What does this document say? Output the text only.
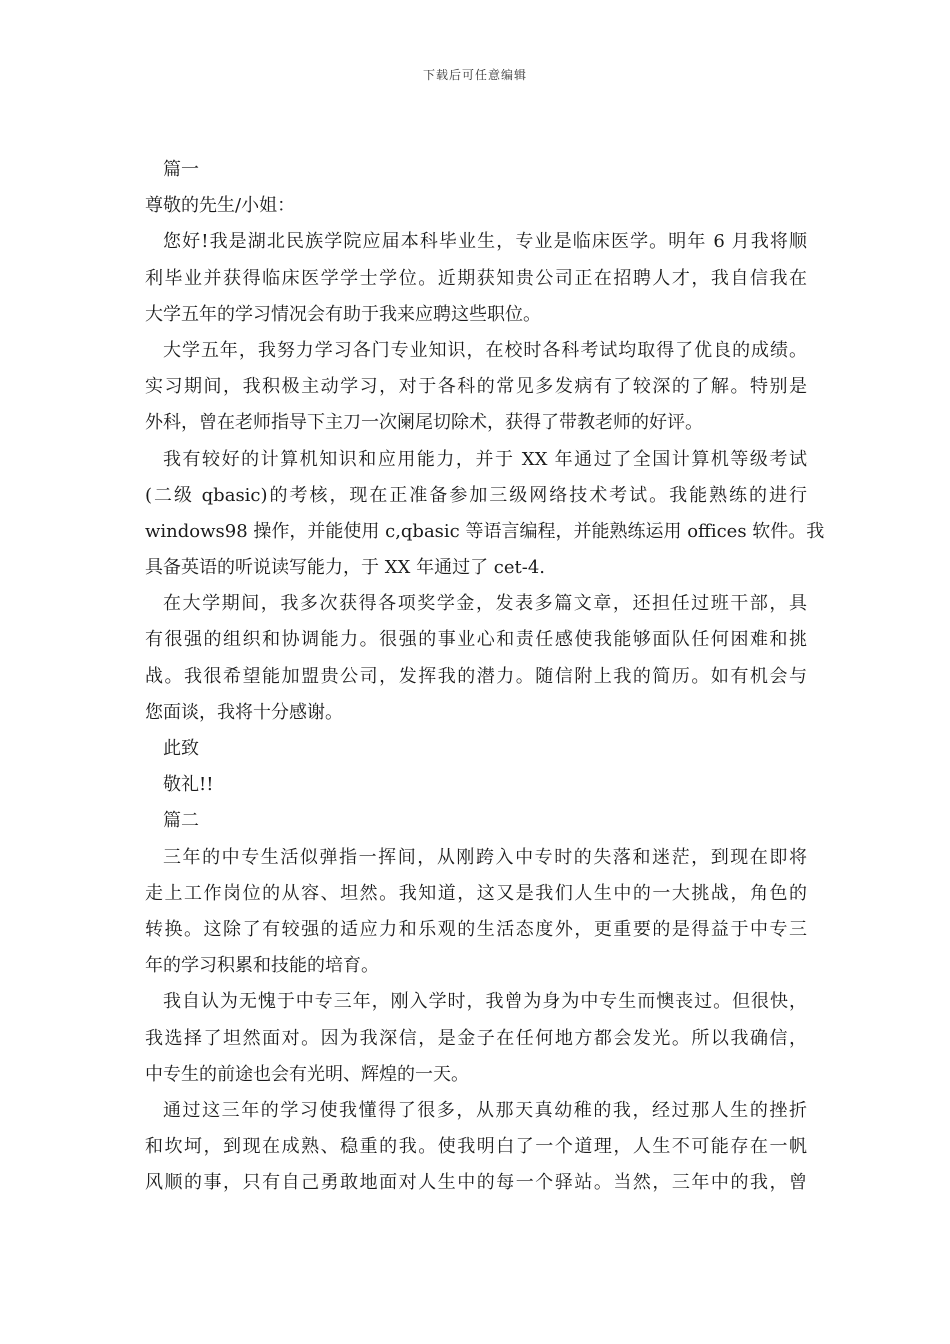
下载后可任意编辑
篇一
尊敬的先生/小姐：
您好!我是湖北民族学院应届本科毕业生，专业是临床医学。明年 6 月我将顺
利毕业并获得临床医学学士学位。近期获知贵公司正在招聘人才，我自信我在
大学五年的学习情况会有助于我来应聘这些职位。
大学五年，我努力学习各门专业知识，在校时各科考试均取得了优良的成绩。
实习期间，我积极主动学习，对于各科的常见多发病有了较深的了解。特别是
外科，曾在老师指导下主刀一次阑尾切除术，获得了带教老师的好评。
我有较好的计算机知识和应用能力，并于 XX 年通过了全国计算机等级考试
(二级 qbasic)的考核，现在正准备参加三级网络技术考试。我能熟练的进行
windows98 操作，并能使用 c,qbasic 等语言编程，并能熟练运用 offices 软件。我
具备英语的听说读写能力，于 XX 年通过了 cet-4.
在大学期间，我多次获得各项奖学金，发表多篇文章，还担任过班干部，具
有很强的组织和协调能力。很强的事业心和责任感使我能够面队任何困难和挑
战。我很希望能加盟贵公司，发挥我的潜力。随信附上我的简历。如有机会与
您面谈，我将十分感谢。
此致
敬礼!!
篇二
三年的中专生活似弹指一挥间，从刚跨入中专时的失落和迷茫，到现在即将
走上工作岗位的从容、坦然。我知道，这又是我们人生中的一大挑战，角色的
转换。这除了有较强的适应力和乐观的生活态度外，更重要的是得益于中专三
年的学习积累和技能的培育。
我自认为无愧于中专三年，刚入学时，我曾为身为中专生而懊丧过。但很快，
我选择了坦然面对。因为我深信，是金子在任何地方都会发光。所以我确信，
中专生的前途也会有光明、辉煌的一天。
通过这三年的学习使我懂得了很多，从那天真幼稚的我，经过那人生的挫折
和坎坷，到现在成熟、稳重的我。使我明白了一个道理，人生不可能存在一帆
风顺的事，只有自己勇敢地面对人生中的每一个驿站。当然，三年中的我，曾
